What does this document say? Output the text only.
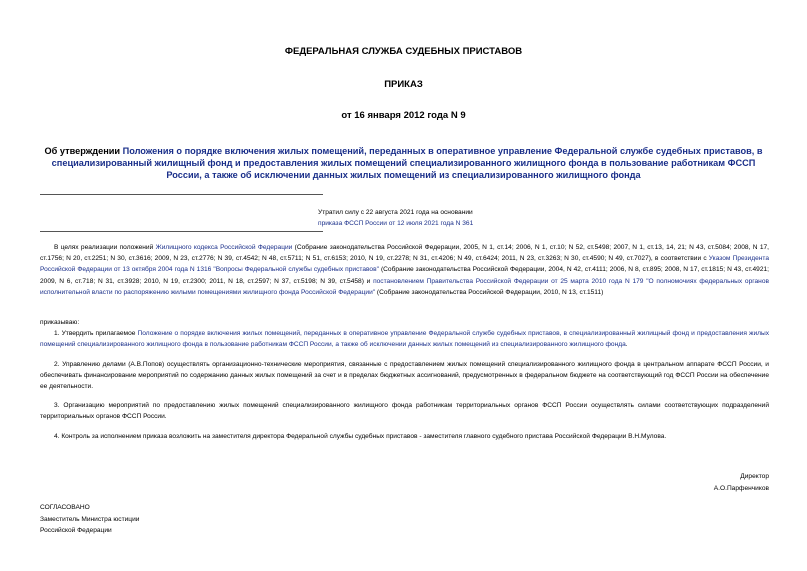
ФЕДЕРАЛЬНАЯ СЛУЖБА СУДЕБНЫХ ПРИСТАВОВ
ПРИКАЗ
от 16 января 2012 года N 9
Об утверждении Положения о порядке включения жилых помещений, переданных в оперативное управление Федеральной службе судебных приставов, в специализированный жилищный фонд и предоставления жилых помещений специализированного жилищного фонда в пользование работникам ФССП России, а также об исключении данных жилых помещений из специализированного жилищного фонда
Утратил силу с 22 августа 2021 года на основании
приказа ФССП России от 12 июля 2021 года N 361
В целях реализации положений Жилищного кодекса Российской Федерации (Собрание законодательства Российской Федерации, 2005, N 1, ст.14; 2006, N 1, ст.10; N 52, ст.5498; 2007, N 1, ст.13, 14, 21; N 43, ст.5084; 2008, N 17, ст.1756; N 20, ст.2251; N 30, ст.3616; 2009, N 23, ст.2776; N 39, ст.4542; N 48, ст.5711; N 51, ст.6153; 2010, N 19, ст.2278; N 31, ст.4206; N 49, ст.6424; 2011, N 23, ст.3263; N 30, ст.4590; N 49, ст.7027), в соответствии с Указом Президента Российской Федерации от 13 октября 2004 года N 1316 "Вопросы Федеральной службы судебных приставов" (Собрание законодательства Российской Федерации, 2004, N 42, ст.4111; 2006, N 8, ст.895; 2008, N 17, ст.1815; N 43, ст.4921; 2009, N 6, ст.718; N 31, ст.3928; 2010, N 19, ст.2300; 2011, N 18, ст.2597; N 37, ст.5198; N 39, ст.5458) и постановлением Правительства Российской Федерации от 25 марта 2010 года N 179 "О полномочиях федеральных органов исполнительной власти по распоряжению жилыми помещениями жилищного фонда Российской Федерации" (Собрание законодательства Российской Федерации, 2010, N 13, ст.1511)
приказываю:
1. Утвердить прилагаемое Положение о порядке включения жилых помещений, переданных в оперативное управление Федеральной службе судебных приставов, в специализированный жилищный фонд и предоставления жилых помещений специализированного жилищного фонда в пользование работникам ФССП России, а также об исключении данных жилых помещений из специализированного жилищного фонда.
2. Управлению делами (А.В.Попов) осуществлять организационно-технические мероприятия, связанные с предоставлением жилых помещений специализированного жилищного фонда в центральном аппарате ФССП России, и обеспечивать финансирование мероприятий по содержанию данных жилых помещений за счет и в пределах бюджетных ассигнований, предусмотренных в федеральном бюджете на соответствующий год ФССП России на обеспечение ее деятельности.
3. Организацию мероприятий по предоставлению жилых помещений специализированного жилищного фонда работникам территориальных органов ФССП России осуществлять силами соответствующих подразделений территориальных органов ФССП России.
4. Контроль за исполнением приказа возложить на заместителя директора Федеральной службы судебных приставов - заместителя главного судебного пристава Российской Федерации В.Н.Мулова.
Директор
А.О.Парфенчиков
СОГЛАСОВАНО
Заместитель Министра юстиции
Российской Федерации
